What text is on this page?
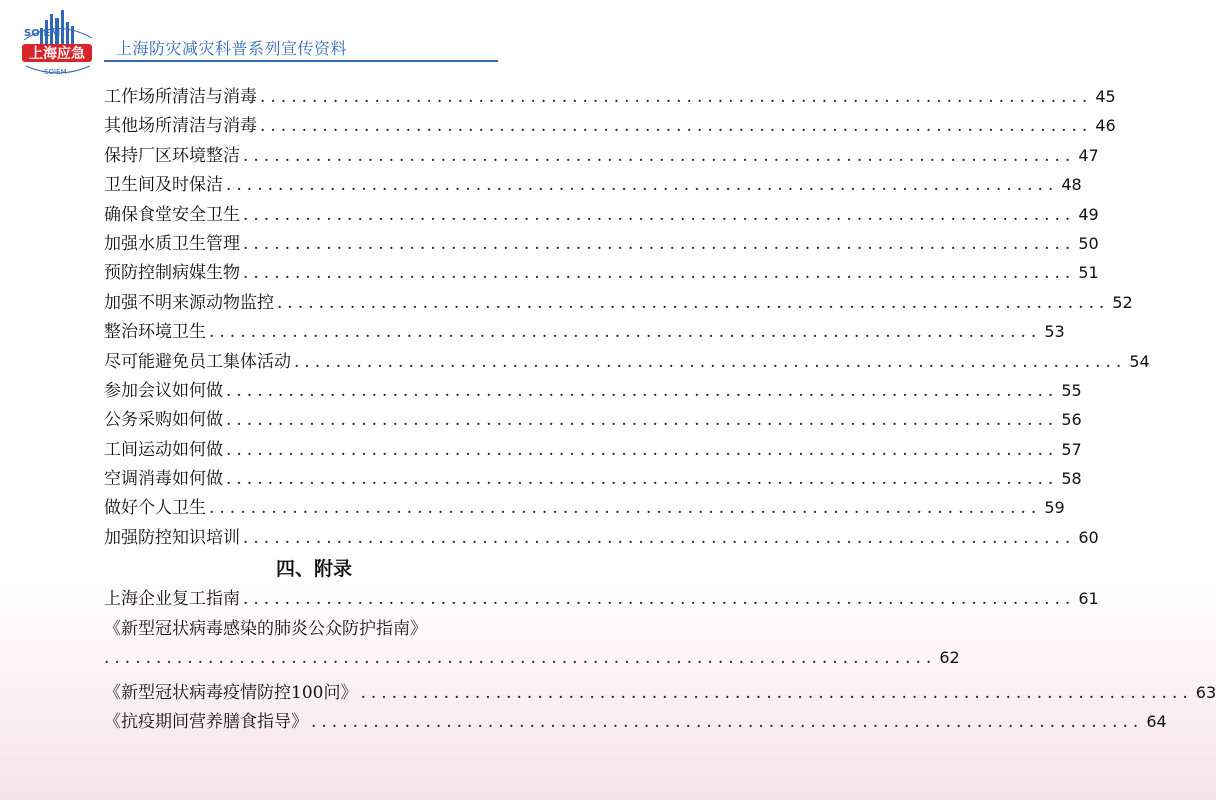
SOIEM
上海应急
SOIEM
上海防灾减灾科普系列宣传资料
工作场所清洁与消毒 ................................................................................ 45
其他场所清洁与消毒 ................................................................................ 46
保持厂区环境整洁 ................................................................................ 47
卫生间及时保洁 ................................................................................ 48
确保食堂安全卫生 ................................................................................ 49
加强水质卫生管理 ................................................................................ 50
预防控制病媒生物 ................................................................................ 51
加强不明来源动物监控 ................................................................................ 52
整治环境卫生 ................................................................................ 53
尽可能避免员工集体活动 ................................................................................ 54
参加会议如何做 ................................................................................ 55
公务采购如何做 ................................................................................ 56
工间运动如何做 ................................................................................ 57
空调消毒如何做 ................................................................................ 58
做好个人卫生 ................................................................................ 59
加强防控知识培训 ................................................................................ 60
四、附录
上海企业复工指南 ................................................................................ 61
《新型冠状病毒感染的肺炎公众防护指南》
................................................................................ 62
《新型冠状病毒疫情防控100问》 ................................................................................ 63
《抗疫期间营养膳食指导》 ................................................................................ 64
